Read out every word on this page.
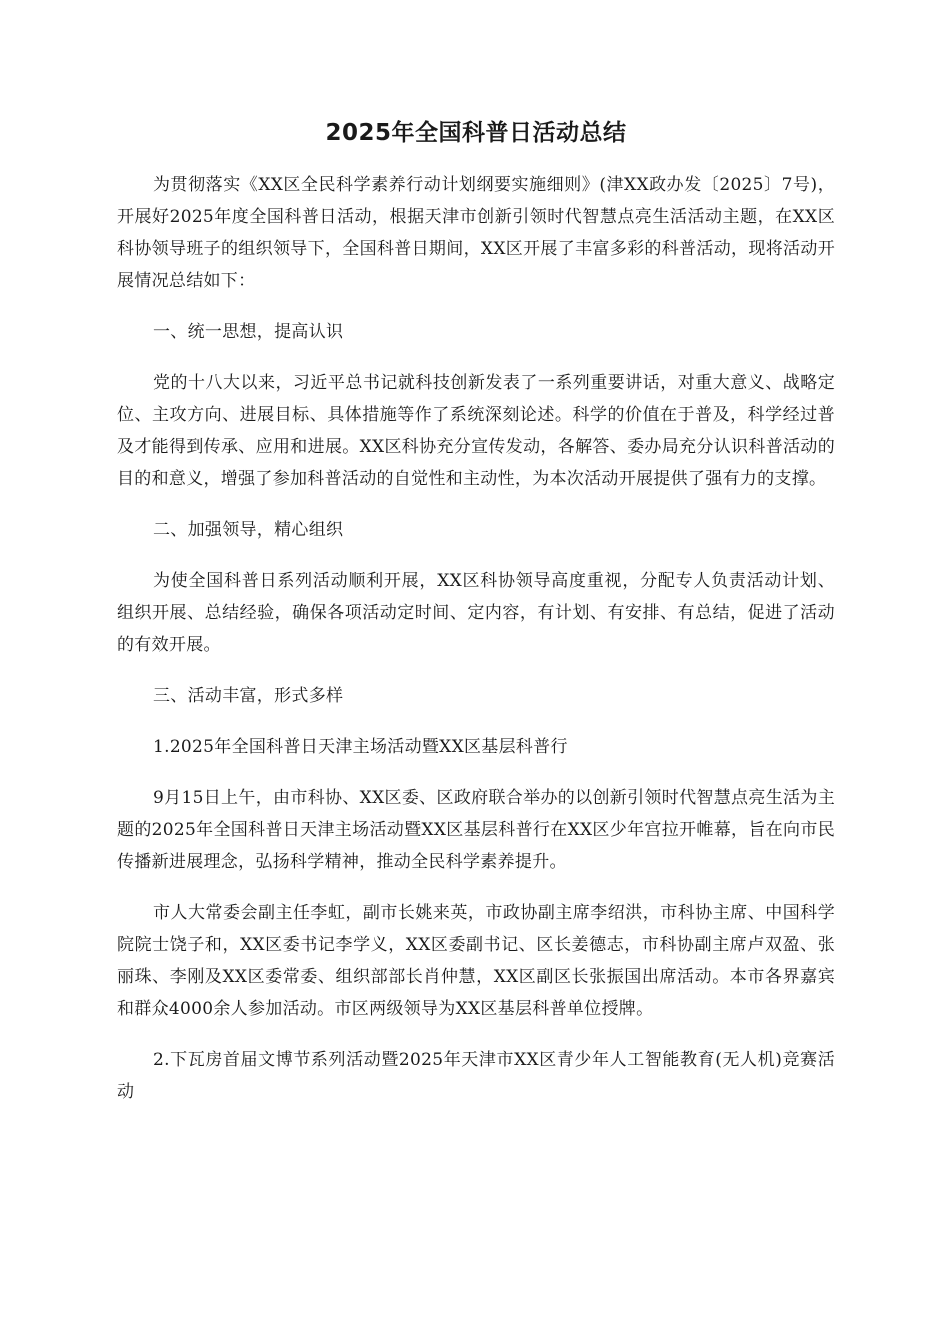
2025年全国科普日活动总结

为贯彻落实《XX区全民科学素养行动计划纲要实施细则》(津XX政办发〔2025〕7号)，开展好2025年度全国科普日活动，根据天津市创新引领时代智慧点亮生活活动主题，在XX区科协领导班子的组织领导下，全国科普日期间，XX区开展了丰富多彩的科普活动，现将活动开展情况总结如下：

一、统一思想，提高认识

党的十八大以来，习近平总书记就科技创新发表了一系列重要讲话，对重大意义、战略定位、主攻方向、进展目标、具体措施等作了系统深刻论述。科学的价值在于普及，科学经过普及才能得到传承、应用和进展。XX区科协充分宣传发动，各解答、委办局充分认识科普活动的目的和意义，增强了参加科普活动的自觉性和主动性，为本次活动开展提供了强有力的支撑。

二、加强领导，精心组织

为使全国科普日系列活动顺利开展，XX区科协领导高度重视，分配专人负责活动计划、组织开展、总结经验，确保各项活动定时间、定内容，有计划、有安排、有总结，促进了活动的有效开展。

三、活动丰富，形式多样

1.2025年全国科普日天津主场活动暨XX区基层科普行

9月15日上午，由市科协、XX区委、区政府联合举办的以创新引领时代智慧点亮生活为主题的2025年全国科普日天津主场活动暨XX区基层科普行在XX区少年宫拉开帷幕，旨在向市民传播新进展理念，弘扬科学精神，推动全民科学素养提升。

市人大常委会副主任李虹，副市长姚来英，市政协副主席李绍洪，市科协主席、中国科学院院士饶子和，XX区委书记李学义，XX区委副书记、区长姜德志，市科协副主席卢双盈、张丽珠、李刚及XX区委常委、组织部部长肖仲慧，XX区副区长张振国出席活动。本市各界嘉宾和群众4000余人参加活动。市区两级领导为XX区基层科普单位授牌。

2.下瓦房首届文博节系列活动暨2025年天津市XX区青少年人工智能教育(无人机)竞赛活动
